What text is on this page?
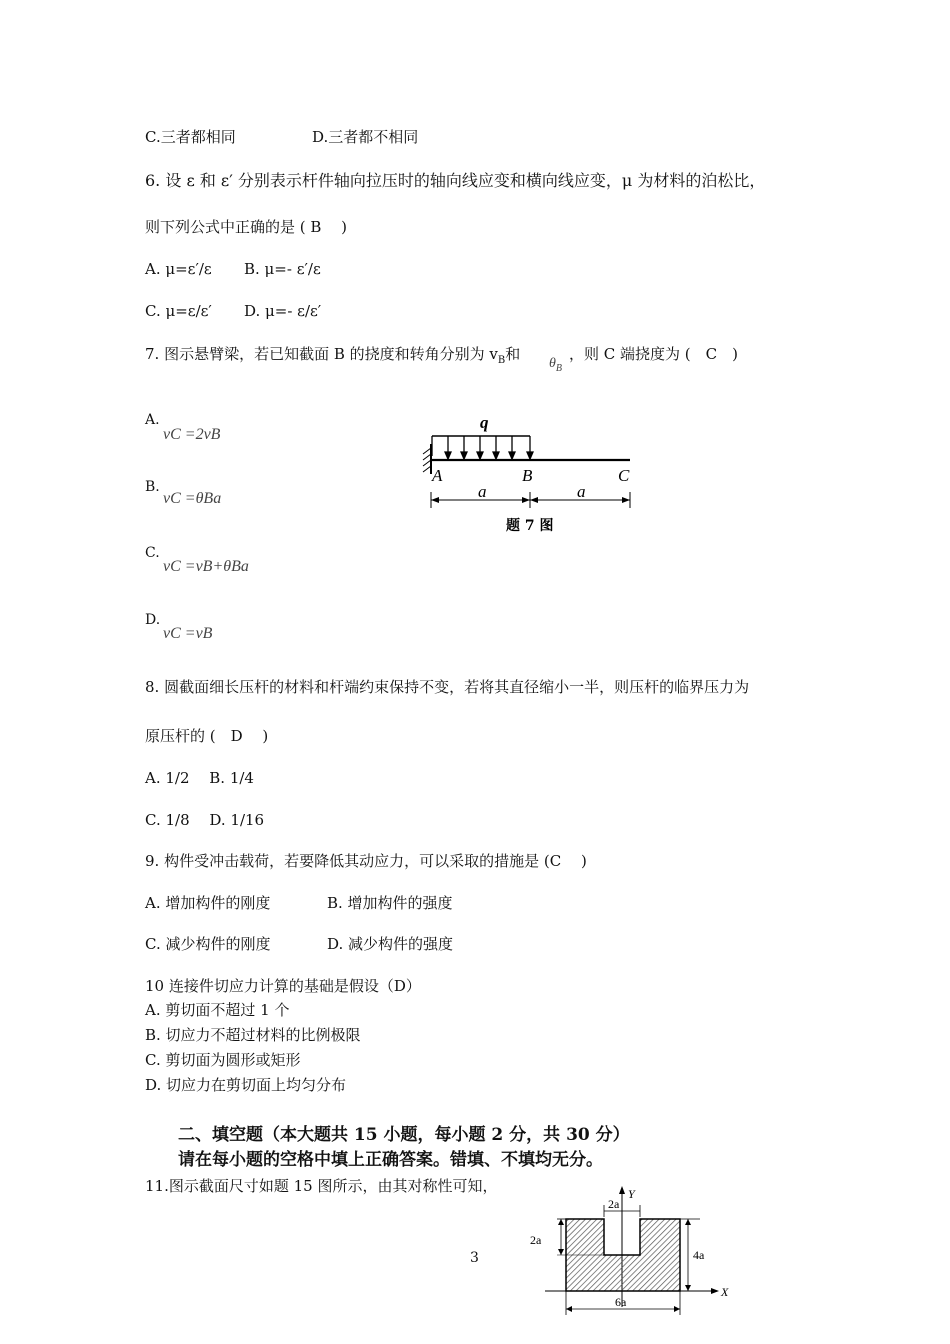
C.三者都相同	D.三者都不相同
6. 设 ε 和 ε′ 分别表示杆件轴向拉压时的轴向线应变和横向线应变，μ 为材料的泊松比，
则下列公式中正确的是 ( B　 )
A. μ=ε′/ε B. μ=- ε′/ε
C. μ=ε/ε′ D. μ=- ε/ε′
7. 图示悬臂梁，若已知截面 B 的挠度和转角分别为 $v_B$和
$\theta_B$
，则 C 端挠度为 (　C　)
A.
vC =2vB
B.
vC =θBa
C.
vC =vB+θBa
D.
vC =vB
q
A	B	C
a	a
题 7 图
8. 圆截面细长压杆的材料和杆端约束保持不变，若将其直径缩小一半，则压杆的临界压力为
原压杆的 (　D　 )
A. 1/2　 B. 1/4
C. 1/8　 D. 1/16
9. 构件受冲击载荷，若要降低其动应力，可以采取的措施是 (C　 )
A. 增加构件的刚度	B. 增加构件的强度
C. 减少构件的刚度	D. 减少构件的强度
10 连接件切应力计算的基础是假设（D）
A. 剪切面不超过 1 个
B. 切应力不超过材料的比例极限
C. 剪切面为圆形或矩形
D. 切应力在剪切面上均匀分布
二、填空题（本大题共 15 小题，每小题 2 分，共 30 分）
请在每小题的空格中填上正确答案。错填、不填均无分。
11.图示截面尺寸如题 15 图所示，由其对称性可知，	Y
2a
2a
4a
X
6a
3
